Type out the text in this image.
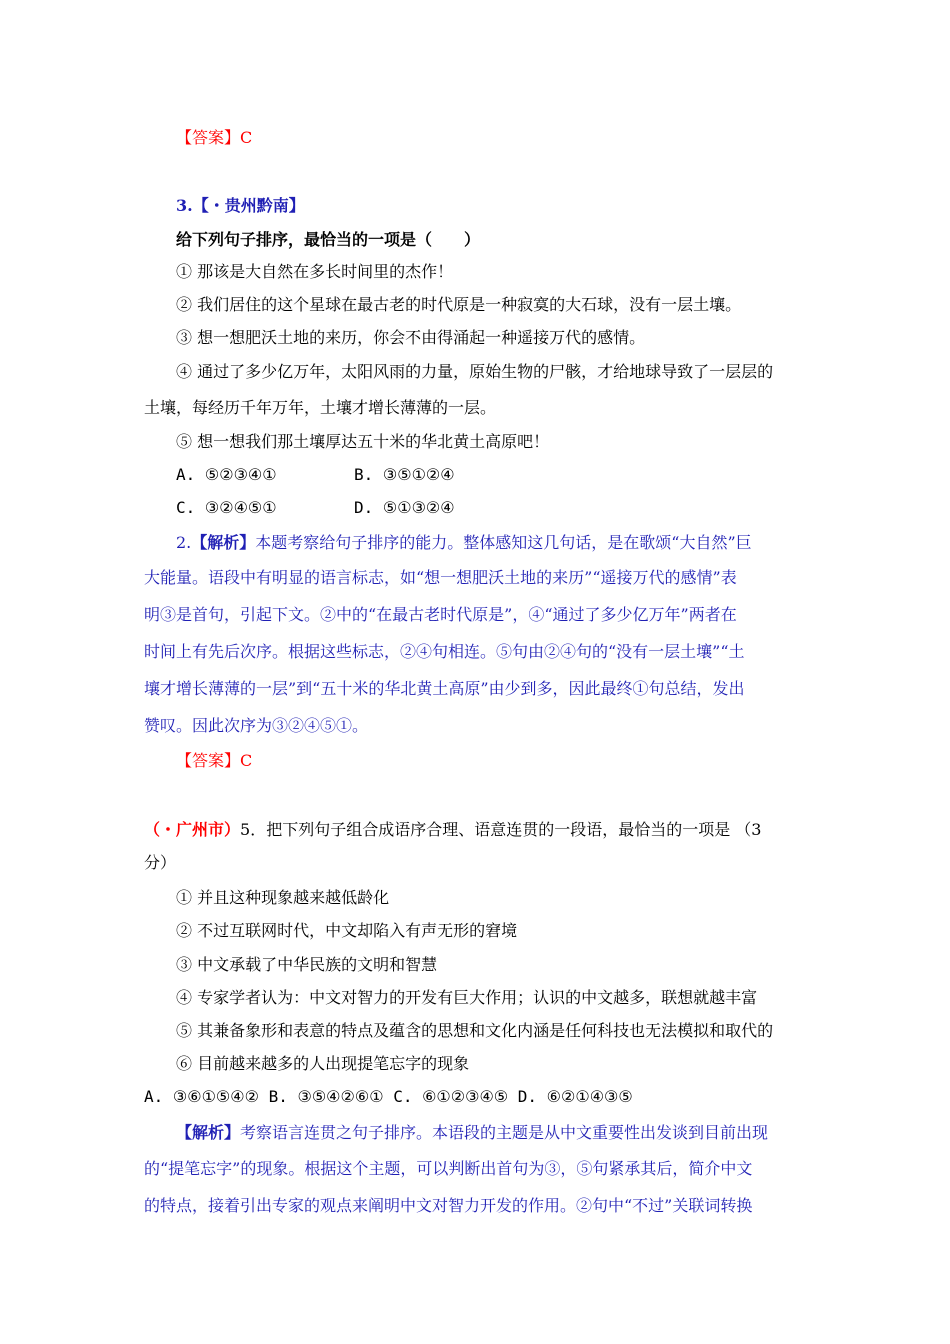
【答案】C
3.【・贵州黔南】
给下列句子排序，最恰当的一项是（　　）
① 那该是大自然在多长时间里的杰作！
② 我们居住的这个星球在最古老的时代原是一种寂寞的大石球，没有一层土壤。
③ 想一想肥沃土地的来历，你会不由得涌起一种遥接万代的感情。
④ 通过了多少亿万年，太阳风雨的力量，原始生物的尸骸，才给地球导致了一层层的
土壤，每经历千年万年，土壤才增长薄薄的一层。
⑤ 想一想我们那土壤厚达五十米的华北黄土高原吧！
A. ⑤②③④①	B. ③⑤①②④
C. ③②④⑤①	D. ⑤①③②④
2.【解析】本题考察给句子排序的能力。整体感知这几句话，是在歌颂“大自然”巨
大能量。语段中有明显的语言标志，如“想一想肥沃土地的来历”“遥接万代的感情”表
明③是首句，引起下文。②中的“在最古老时代原是”，④“通过了多少亿万年”两者在
时间上有先后次序。根据这些标志，②④句相连。⑤句由②④句的“没有一层土壤”“土
壤才增长薄薄的一层”到“五十米的华北黄土高原”由少到多，因此最终①句总结，发出
赞叹。因此次序为③②④⑤①。
【答案】C
（・广州市）5．把下列句子组合成语序合理、语意连贯的一段语，最恰当的一项是 （3
分）
① 并且这种现象越来越低龄化
② 不过互联网时代，中文却陷入有声无形的窘境
③ 中文承载了中华民族的文明和智慧
④ 专家学者认为：中文对智力的开发有巨大作用；认识的中文越多，联想就越丰富
⑤ 其兼备象形和表意的特点及蕴含的思想和文化内涵是任何科技也无法模拟和取代的
⑥ 目前越来越多的人出现提笔忘字的现象
A. ③⑥①⑤④② B. ③⑤④②⑥① C. ⑥①②③④⑤ D. ⑥②①④③⑤
【解析】考察语言连贯之句子排序。本语段的主题是从中文重要性出发谈到目前出现
的“提笔忘字”的现象。根据这个主题，可以判断出首句为③，⑤句紧承其后，简介中文
的特点，接着引出专家的观点来阐明中文对智力开发的作用。②句中“不过”关联词转换
